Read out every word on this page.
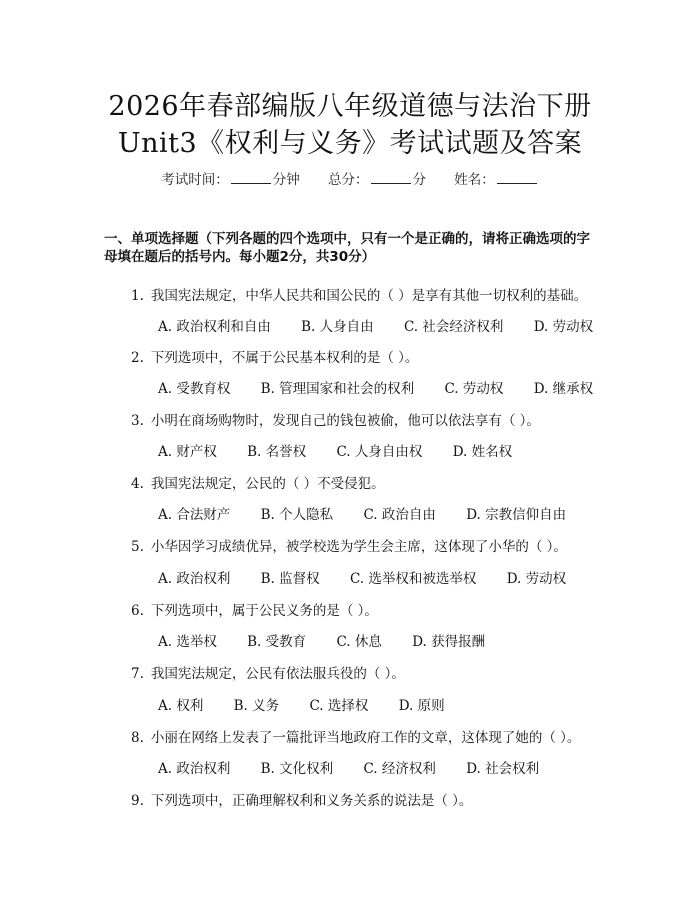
2026年春部编版八年级道德与法治下册
Unit3《权利与义务》考试试题及答案
考试时间：	分钟 总分：	分 姓名：
一、单项选择题（下列各题的四个选项中，只有一个是正确的，请将正确选项的字母填在题后的括号内。每小题2分，共30分）
1. 我国宪法规定，中华人民共和国公民的（ ）是享有其他一切权利的基础。
A. 政治权利和自由 B. 人身自由 C. 社会经济权利 D. 劳动权
2. 下列选项中，不属于公民基本权利的是（ ）。
A. 受教育权 B. 管理国家和社会的权利 C. 劳动权 D. 继承权
3. 小明在商场购物时，发现自己的钱包被偷，他可以依法享有（ ）。
A. 财产权 B. 名誉权 C. 人身自由权 D. 姓名权
4. 我国宪法规定，公民的（ ）不受侵犯。
A. 合法财产 B. 个人隐私 C. 政治自由 D. 宗教信仰自由
5. 小华因学习成绩优异，被学校选为学生会主席，这体现了小华的（ ）。
A. 政治权利 B. 监督权 C. 选举权和被选举权 D. 劳动权
6. 下列选项中，属于公民义务的是（ ）。
A. 选举权 B. 受教育 C. 休息 D. 获得报酬
7. 我国宪法规定，公民有依法服兵役的（ ）。
A. 权利 B. 义务 C. 选择权 D. 原则
8. 小丽在网络上发表了一篇批评当地政府工作的文章，这体现了她的（ ）。
A. 政治权利 B. 文化权利 C. 经济权利 D. 社会权利
9. 下列选项中，正确理解权利和义务关系的说法是（ ）。
